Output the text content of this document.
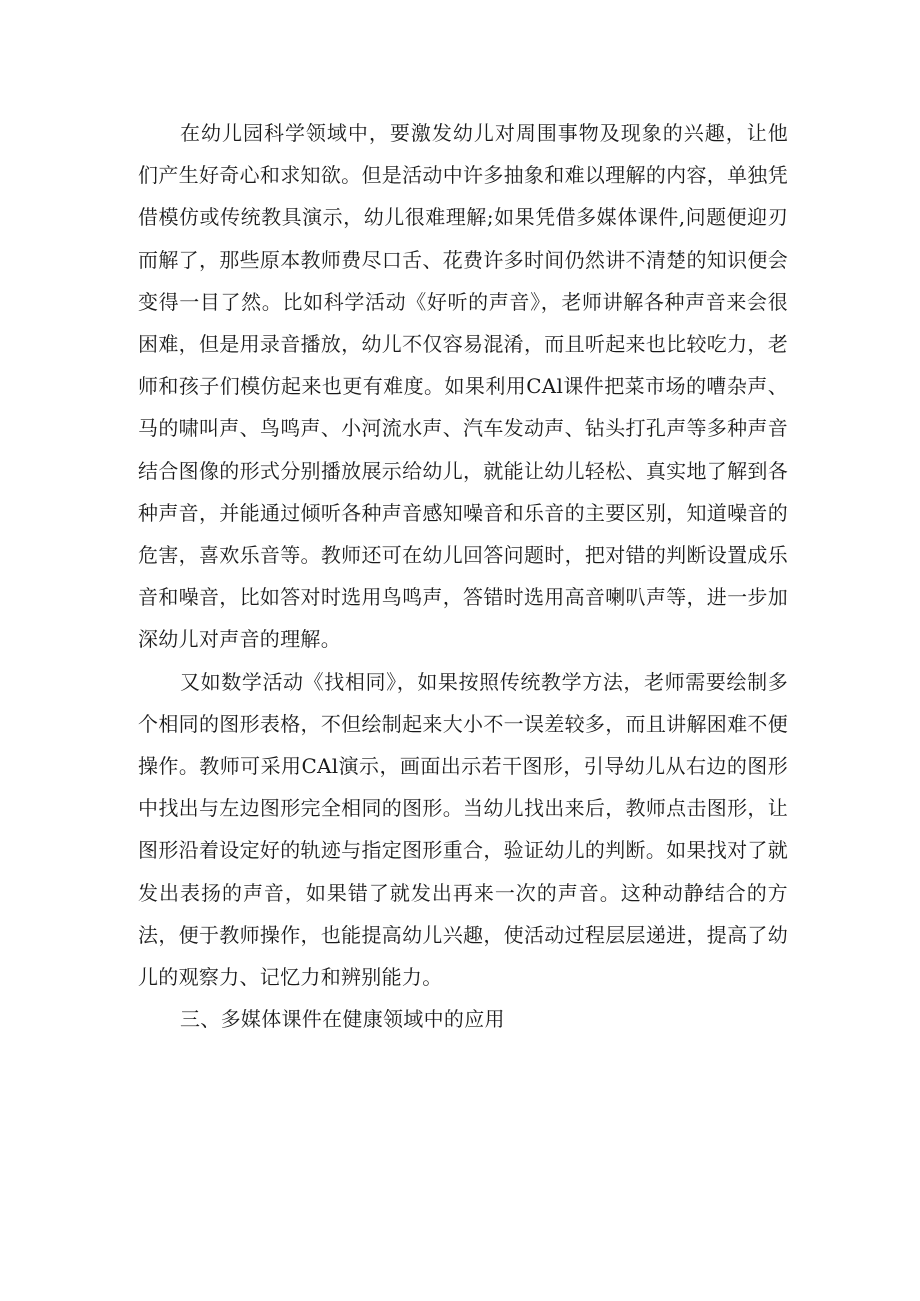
在幼儿园科学领域中，要激发幼儿对周围事物及现象的兴趣，让他们产生好奇心和求知欲。但是活动中许多抽象和难以理解的内容，单独凭借模仿或传统教具演示，幼儿很难理解;如果凭借多媒体课件,问题便迎刃而解了，那些原本教师费尽口舌、花费许多时间仍然讲不清楚的知识便会变得一目了然。比如科学活动《好听的声音》，老师讲解各种声音来会很困难，但是用录音播放，幼儿不仅容易混淆，而且听起来也比较吃力，老师和孩子们模仿起来也更有难度。如果利用CAl课件把菜市场的嘈杂声、马的啸叫声、鸟鸣声、小河流水声、汽车发动声、钻头打孔声等多种声音结合图像的形式分别播放展示给幼儿，就能让幼儿轻松、真实地了解到各种声音，并能通过倾听各种声音感知噪音和乐音的主要区别，知道噪音的危害，喜欢乐音等。教师还可在幼儿回答问题时，把对错的判断设置成乐音和噪音，比如答对时选用鸟鸣声，答错时选用高音喇叭声等，进一步加深幼儿对声音的理解。

又如数学活动《找相同》，如果按照传统教学方法，老师需要绘制多个相同的图形表格，不但绘制起来大小不一误差较多，而且讲解困难不便操作。教师可采用CAl演示，画面出示若干图形，引导幼儿从右边的图形中找出与左边图形完全相同的图形。当幼儿找出来后，教师点击图形，让图形沿着设定好的轨迹与指定图形重合，验证幼儿的判断。如果找对了就发出表扬的声音，如果错了就发出再来一次的声音。这种动静结合的方法，便于教师操作，也能提高幼儿兴趣，使活动过程层层递进，提高了幼儿的观察力、记忆力和辨别能力。

三、多媒体课件在健康领域中的应用
